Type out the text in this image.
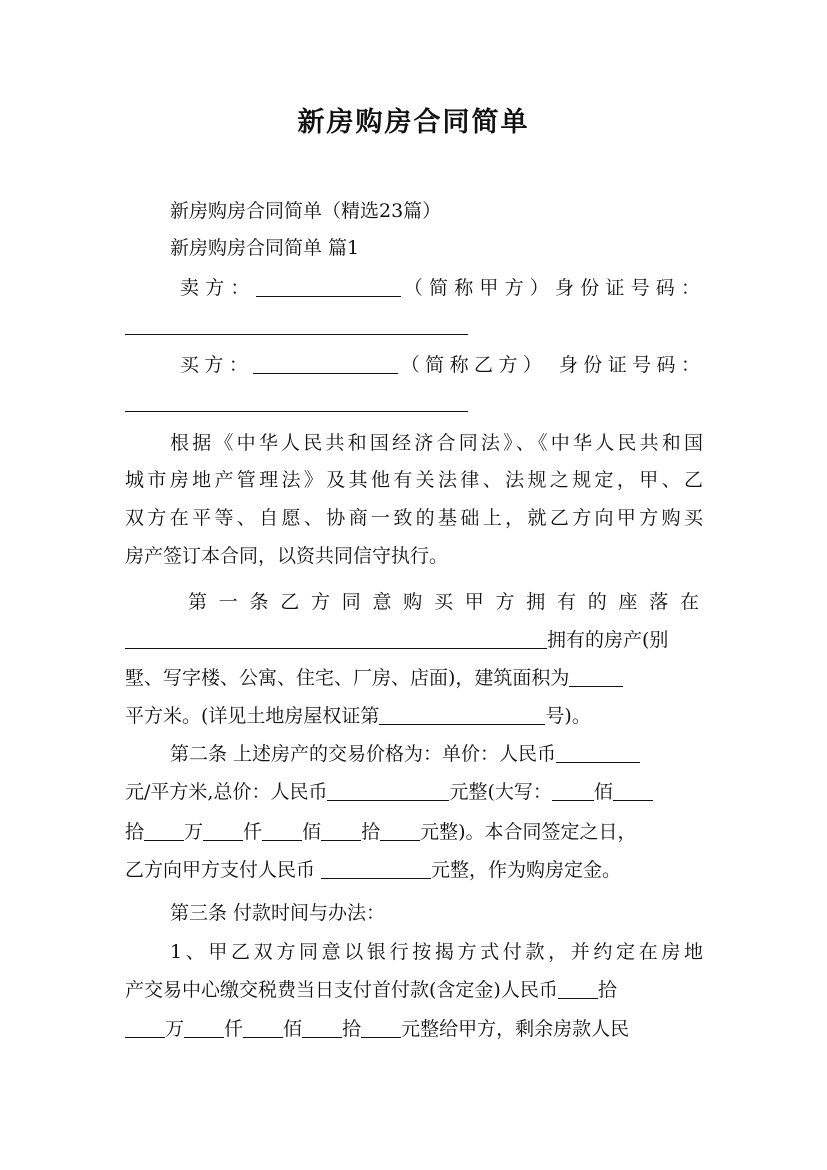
新房购房合同简单
新房购房合同简单（精选23篇）
新房购房合同简单 篇1
卖方：	（简称甲方）身份证号码：
买方：	（简称乙方） 身份证号码：
根据《中华人民共和国经济合同法》、《中华人民共和国
城市房地产管理法》及其他有关法律、法规之规定，甲、乙
双方在平等、自愿、协商一致的基础上，就乙方向甲方购买
房产签订本合同，以资共同信守执行。
第一条乙方同意购买甲方拥有的座落在
拥有的房产(别
墅、写字楼、公寓、住宅、厂房、店面)，建筑面积为
平方米。(详见土地房屋权证第	号)。
第二条 上述房产的交易价格为：单价：人民币
元/平方米,总价：人民币	元整(大写： 佰
拾 万 仟 佰 拾 元整)。本合同签定之日，
乙方向甲方支付人民币	元整，作为购房定金。
第三条 付款时间与办法：
1、甲乙双方同意以银行按揭方式付款，并约定在房地
产交易中心缴交税费当日支付首付款(含定金)人民币 拾
万 仟 佰 拾 元整给甲方，剩余房款人民
